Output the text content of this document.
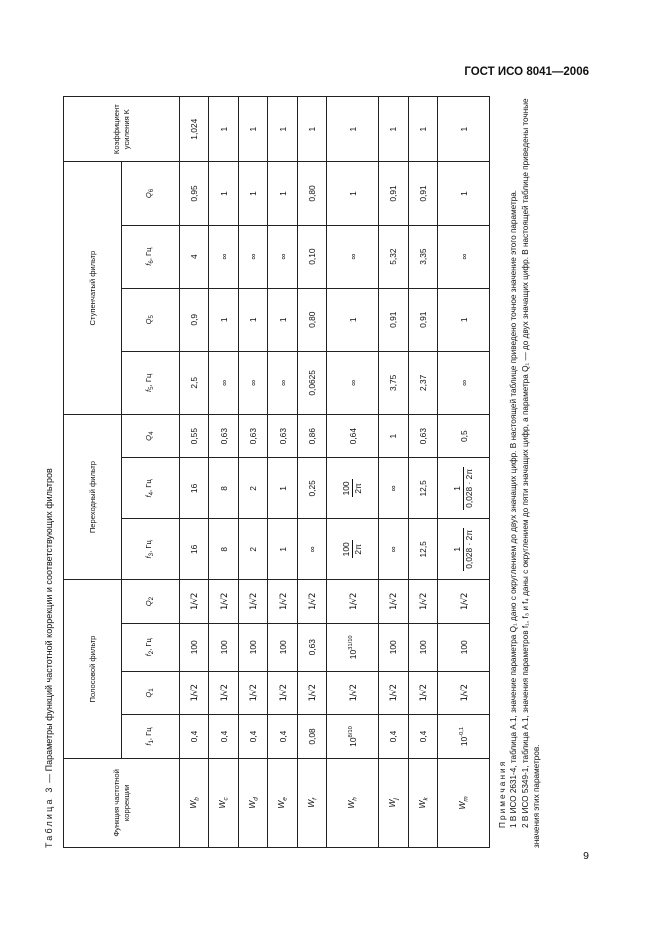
ГОСТ ИСО 8041—2006
Таблица 3 — Параметры функций частотной коррекции и соответствующих фильтров
Функция частотной коррекции	Полосовой фильтр				Переходный фильтр			Ступенчатый фильтр				Коэффициент усиления K
	$f_1$, Гц	$Q_1$	$f_2$, Гц	$Q_2$	$f_3$, Гц	$f_4$, Гц	$Q_4$	$f_5$, Гц	$Q_5$	$f_6$, Гц	$Q_6$
$W_b$	0,4	1/√2	100	1/√2	16	16	0,55	2,5	0,9	4	0,95	1,024
$W_c$	0,4	1/√2	100	1/√2	8	8	0,63	∞	1	∞	1	1
$W_d$	0,4	1/√2	100	1/√2	2	2	0,63	∞	1	∞	1	1
$W_e$	0,4	1/√2	100	1/√2	1	1	0,63	∞	1	∞	1	1
$W_f$	0,08	1/√2	0,63	1/√2	∞	0,25	0,86	0,0625	0,80	0,10	0,80	1
$W_h$	$10^{8/10}$	1/√2	$10^{31/10}$	1/√2	100 2π	100 2π	0,64	∞	1	∞	1	1
$W_j$	0,4	1/√2	100	1/√2	∞	∞	1	3,75	0,91	5,32	0,91	1
$W_k$	0,4	1/√2	100	1/√2	12,5	12,5	0,63	2,37	0,91	3,35	0,91	1
$W_m$	$10^{-0,1}$	1/√2	100	1/√2	1 0,028 · 2π	1 0,028 · 2π	0,5	∞	1	∞	1	1
Примечания 1 В ИСО 2631-4, таблица А.1, значение параметра Q₁ дано с округлением до двух значащих цифр. В настоящей таблице приведено точное значение этого параметра. 2 В ИСО 5349-1, таблица А.1, значения параметров f₁, f₃ и f₄ даны с округлением до пяти значащих цифр, а параметра Q₁ — до двух значащих цифр. В настоящей таблице приведены точные значения этих параметров.

9
